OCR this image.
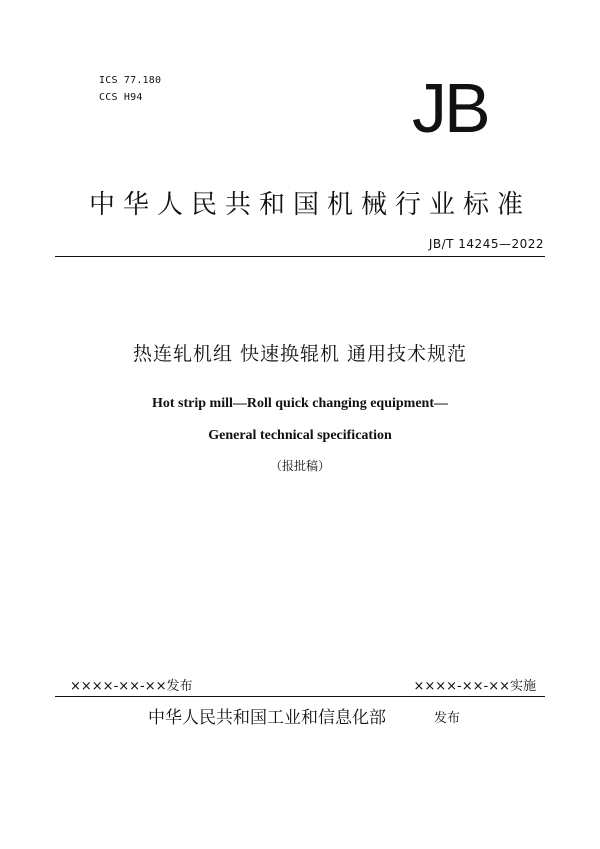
ICS 77.180
CCS H94	JB
中华人民共和国机械行业标准
JB/T 14245—2022
热连轧机组 快速换辊机 通用技术规范
Hot strip mill—Roll quick changing equipment—
General technical specification
（报批稿）
××××-××-××发布	××××-××-××实施
中华人民共和国工业和信息化部	发布
